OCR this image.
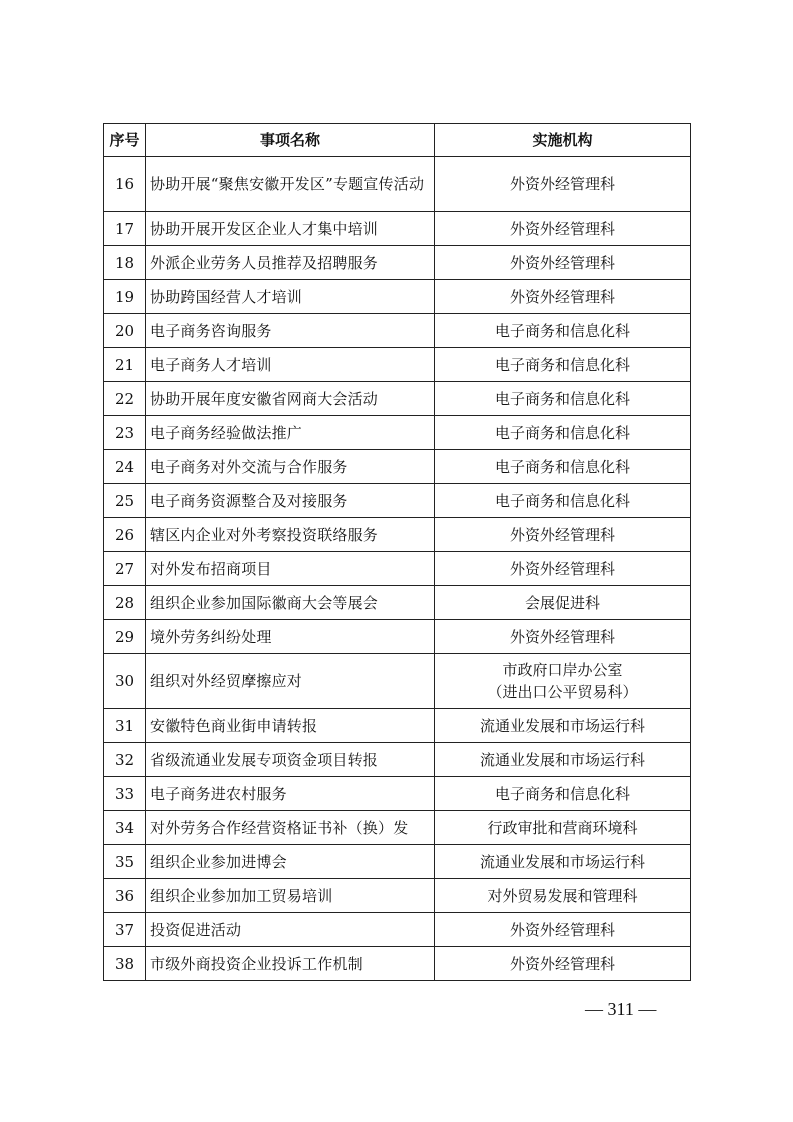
序号	事项名称	实施机构
16	协助开展“聚焦安徽开发区”专题宣传活动	外资外经管理科

17	协助开展开发区企业人才集中培训	外资外经管理科

18	外派企业劳务人员推荐及招聘服务	外资外经管理科

19	协助跨国经营人才培训	外资外经管理科

20	电子商务咨询服务	电子商务和信息化科

21	电子商务人才培训	电子商务和信息化科

22	协助开展年度安徽省网商大会活动	电子商务和信息化科

23	电子商务经验做法推广	电子商务和信息化科

24	电子商务对外交流与合作服务	电子商务和信息化科

25	电子商务资源整合及对接服务	电子商务和信息化科

26	辖区内企业对外考察投资联络服务	外资外经管理科

27	对外发布招商项目	外资外经管理科

28	组织企业参加国际徽商大会等展会	会展促进科

29	境外劳务纠纷处理	外资外经管理科

30	组织对外经贸摩擦应对	市政府口岸办公室
（进出口公平贸易科）

31	安徽特色商业街申请转报	流通业发展和市场运行科

32	省级流通业发展专项资金项目转报	流通业发展和市场运行科

33	电子商务进农村服务	电子商务和信息化科

34	对外劳务合作经营资格证书补（换）发	行政审批和营商环境科

35	组织企业参加进博会	流通业发展和市场运行科

36	组织企业参加加工贸易培训	对外贸易发展和管理科

37	投资促进活动	外资外经管理科

38	市级外商投资企业投诉工作机制	外资外经管理科
— 311 —
